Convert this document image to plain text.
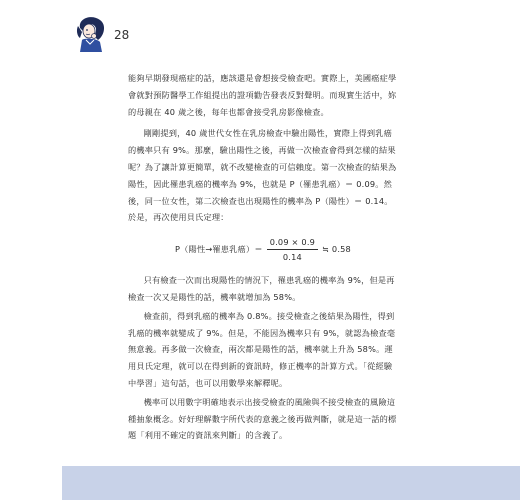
28

能夠早期發現癌症的話，應該還是會想接受檢查吧。實際上，美國癌症學會就對預防醫學工作組提出的證項勸告發表反對聲明。而現實生活中，妳的母親在 40 歲之後，每年也都會接受乳房影像檢查。

剛剛提到，40 歲世代女性在乳房檢查中驗出陽性，實際上得到乳癌的機率只有 9%。那麼，驗出陽性之後，再做一次檢查會得到怎樣的結果呢？為了讓計算更簡單，就不改變檢查的可信賴度。第一次檢查的結果為陽性，因此罹患乳癌的機率為 9%，也就是 P（罹患乳癌）＝ 0.09。然後，同一位女性，第二次檢查也出現陽性的機率為 P（陽性）＝ 0.14。於是，再次使用貝氏定理：

P（陽性→罹患乳癌）＝ $\frac{0.09 \times 0.9}{0.14}$ ≒ 0.58

只有檢查一次而出現陽性的情況下，罹患乳癌的機率為 9%，但是再檢查一次又是陽性的話，機率就增加為 58%。

檢查前，得到乳癌的機率為 0.8%。接受檢查之後結果為陽性，得到乳癌的機率就變成了 9%。但是，不能因為機率只有 9%，就認為檢查毫無意義。再多做一次檢查，兩次都是陽性的話，機率就上升為 58%。運用貝氏定理，就可以在得到新的資訊時，修正機率的計算方式。「從經驗中學習」這句話，也可以用數學來解釋呢。

機率可以用數字明確地表示出接受檢查的風險與不接受檢查的風險這種抽象概念。好好理解數字所代表的意義之後再做判斷，就是這一話的標題「利用不確定的資訊來判斷」的含義了。
